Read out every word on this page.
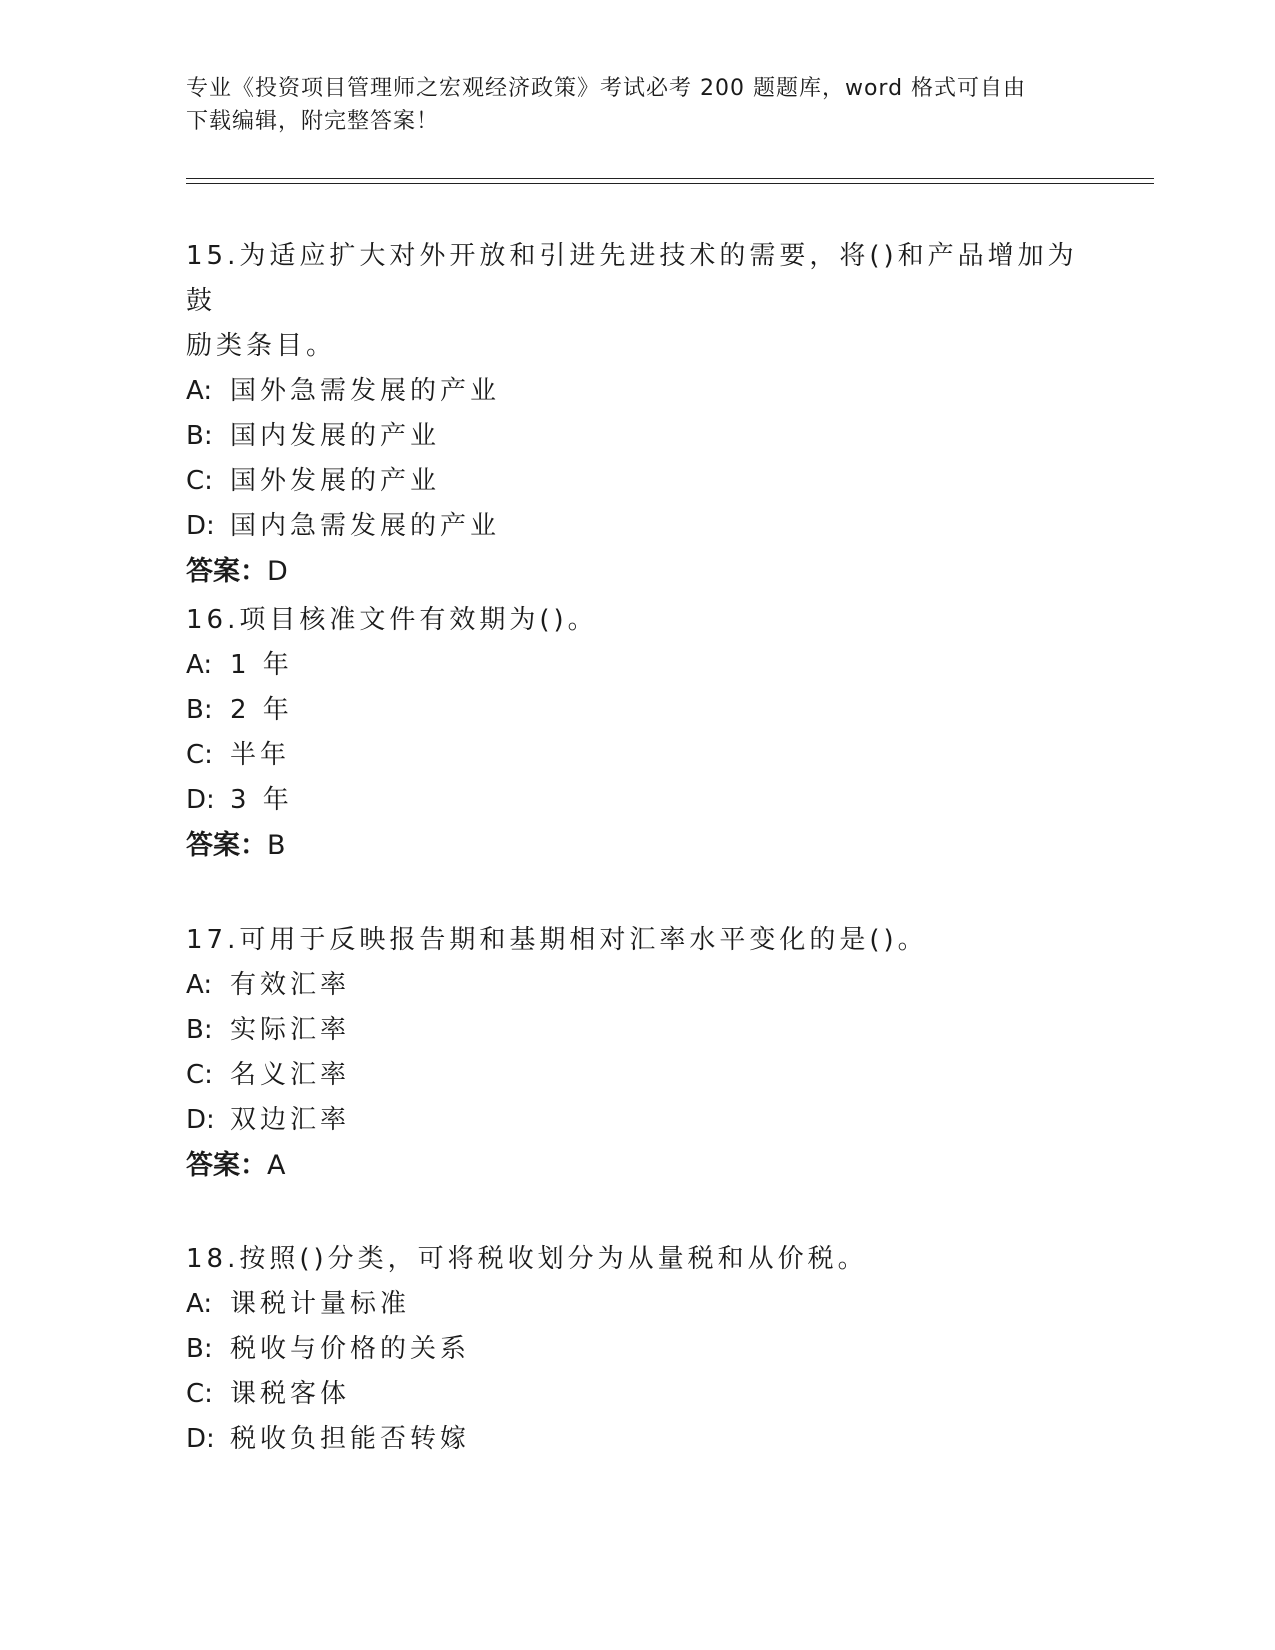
专业《投资项目管理师之宏观经济政策》考试必考 200 题题库，word 格式可自由
下载编辑，附完整答案！

15.为适应扩大对外开放和引进先进技术的需要，将()和产品增加为鼓
励类条目。

A: 国外急需发展的产业

B: 国内发展的产业

C: 国外发展的产业

D: 国内急需发展的产业

答案：D

16.项目核准文件有效期为()。

A: 1 年

B: 2 年

C: 半年

D: 3 年

答案：B

17.可用于反映报告期和基期相对汇率水平变化的是()。

A: 有效汇率

B: 实际汇率

C: 名义汇率

D: 双边汇率

答案：A

18.按照()分类，可将税收划分为从量税和从价税。

A: 课税计量标准

B: 税收与价格的关系

C: 课税客体

D: 税收负担能否转嫁
